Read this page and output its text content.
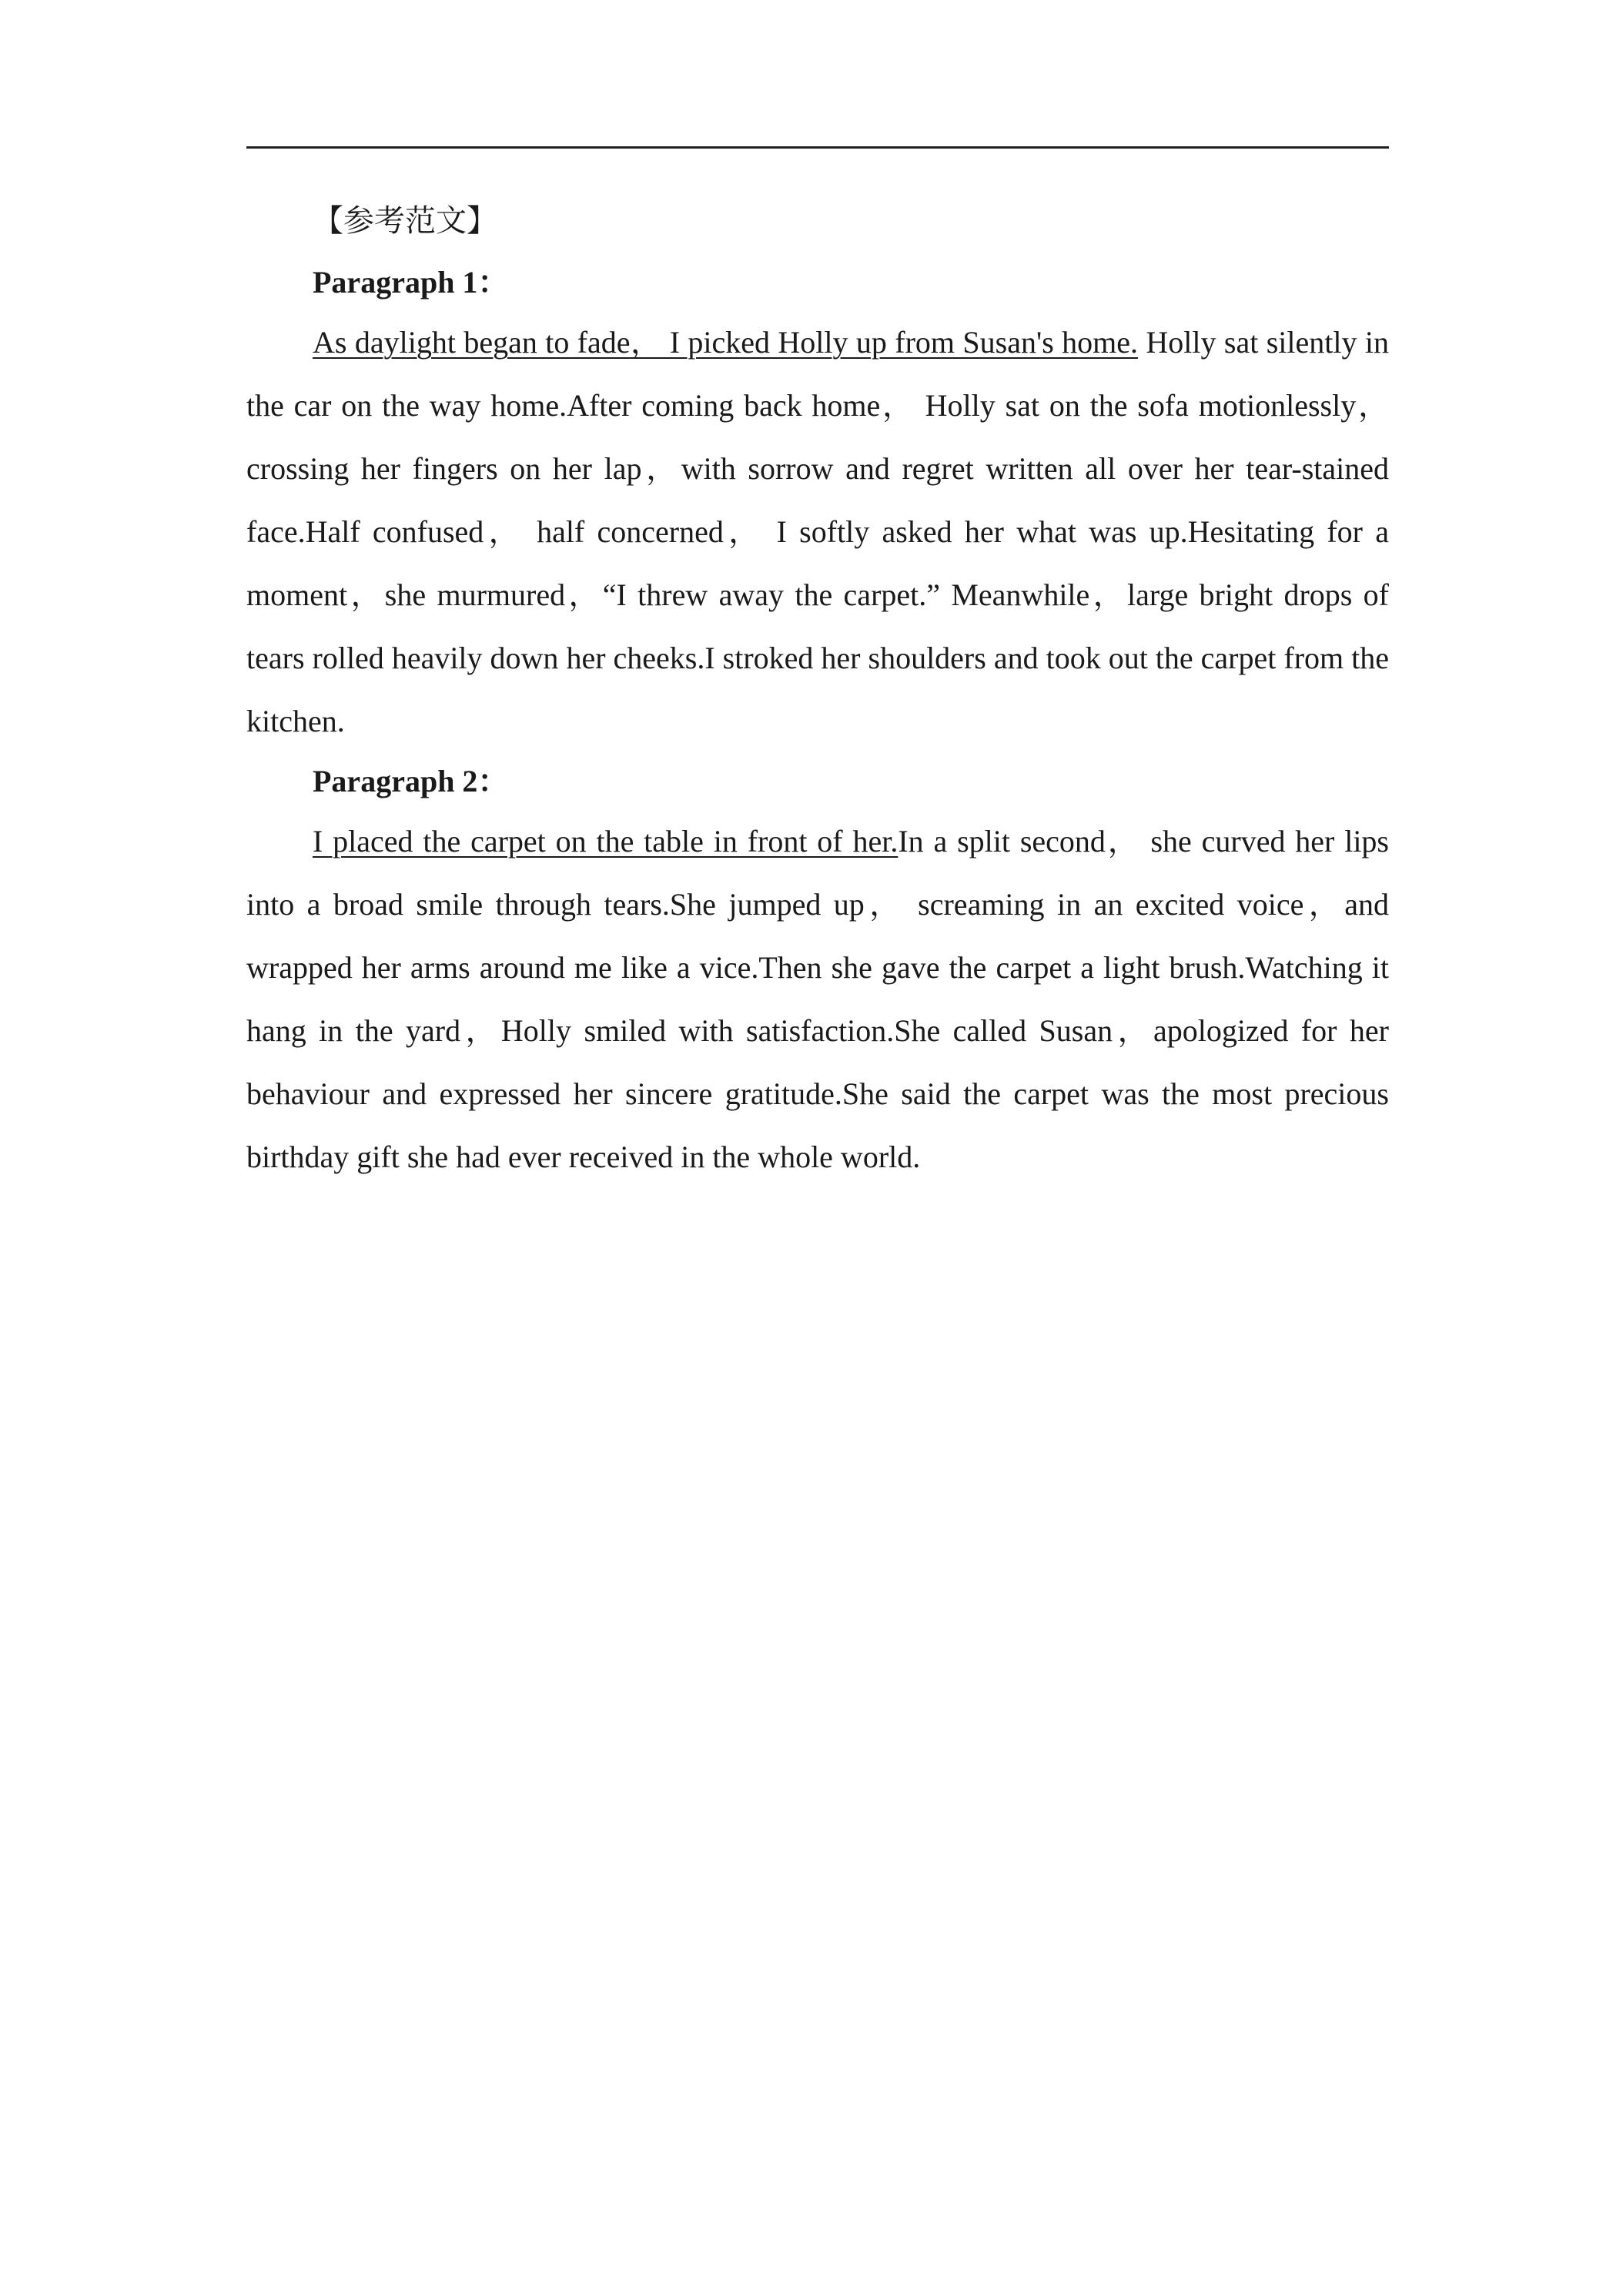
【参考范文】
Paragraph 1：

As daylight began to fade， I picked Holly up from Susan's home. Holly sat silently in the car on the way home.After coming back home， Holly sat on the sofa motionlessly，crossing her fingers on her lap，with sorrow and regret written all over her tear-stained face.Half confused， half concerned， I softly asked her what was up.Hesitating for a moment，she murmured，“I threw away the carpet.” Meanwhile，large bright drops of tears rolled heavily down her cheeks.I stroked her shoulders and took out the carpet from the kitchen.

Paragraph 2：

I placed the carpet on the table in front of her.In a split second， she curved her lips into a broad smile through tears.She jumped up， screaming in an excited voice，and wrapped her arms around me like a vice.Then she gave the carpet a light brush.Watching it hang in the yard，Holly smiled with satisfaction.She called Susan，apologized for her behaviour and expressed her sincere gratitude.She said the carpet was the most precious birthday gift she had ever received in the whole world.
